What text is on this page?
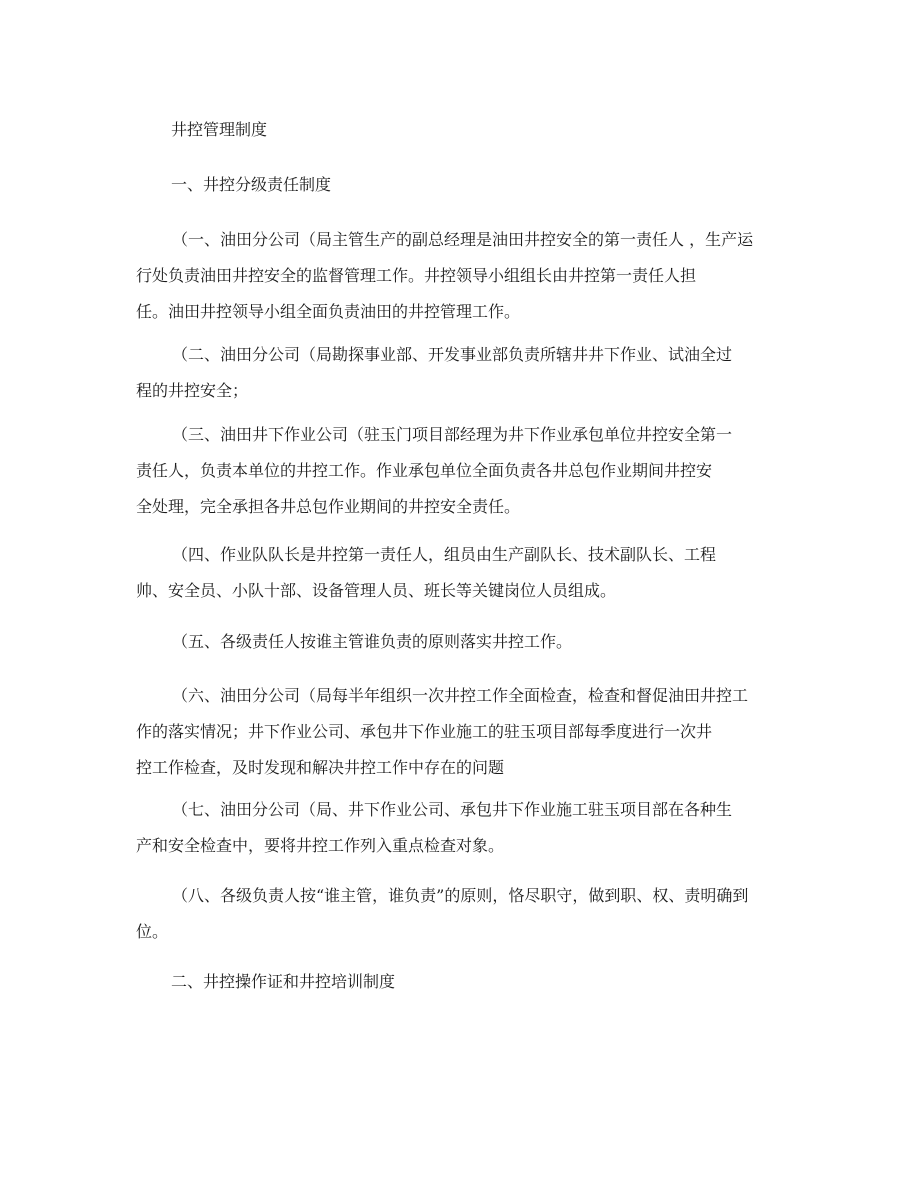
井控管理制度
一、井控分级责任制度
（一、油田分公司（局主管生产的副总经理是油田井控安全的第一责任人 ，生产运
行处负责油田井控安全的监督管理工作。井控领导小组组长由井控第一责任人担
任。油田井控领导小组全面负责油田的井控管理工作。
（二、油田分公司（局勘探事业部、开发事业部负责所辖井井下作业、试油全过
程的井控安全；
（三、油田井下作业公司（驻玉门项目部经理为井下作业承包单位井控安全第一
责任人，负责本单位的井控工作。作业承包单位全面负责各井总包作业期间井控安
全处理，完全承担各井总包作业期间的井控安全责任。
（四、作业队队长是井控第一责任人，组员由生产副队长、技术副队长、工程
帅、安全员、小队十部、设备管理人员、班长等关键岗位人员组成。
（五、各级责任人按谁主管谁负责的原则落实井控工作。
（六、油田分公司（局每半年组织一次井控工作全面检查，检查和督促油田井控工
作的落实情况；井下作业公司、承包井下作业施工的驻玉项目部每季度进行一次井
控工作检查，及时发现和解决井控工作中存在的问题
（七、油田分公司（局、井下作业公司、承包井下作业施工驻玉项目部在各种生
产和安全检查中，要将井控工作列入重点检查对象。
（八、各级负责人按“谁主管，谁负责”的原则，恪尽职守，做到职、权、责明确到
位。
二、井控操作证和井控培训制度
